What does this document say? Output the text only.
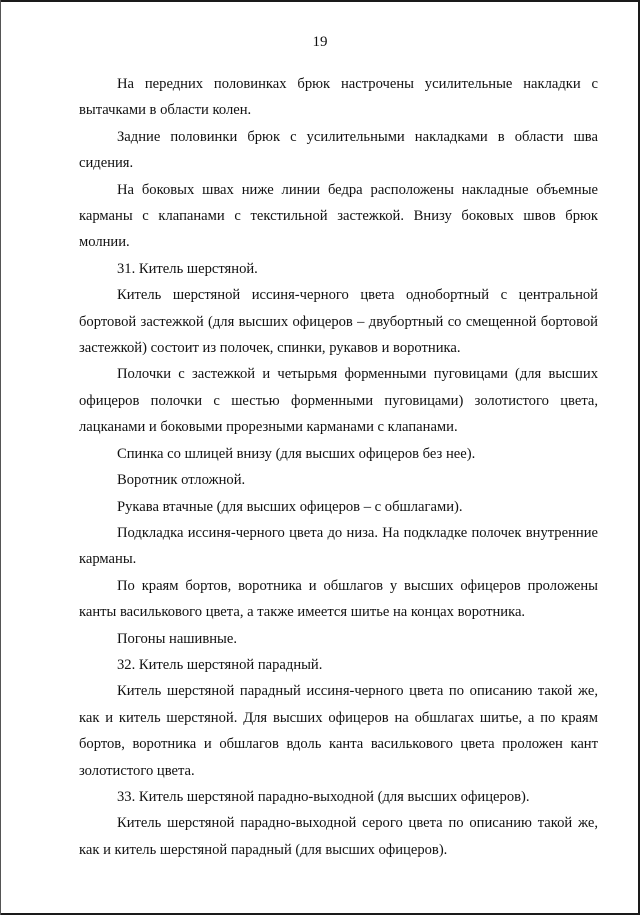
19

На передних половинках брюк настрочены усилительные накладки с вытачками в области колен.

Задние половинки брюк с усилительными накладками в области шва сидения.

На боковых швах ниже линии бедра расположены накладные объемные карманы с клапанами с текстильной застежкой. Внизу боковых швов брюк молнии.

31. Китель шерстяной.

Китель шерстяной иссиня-черного цвета однобортный с центральной бортовой застежкой (для высших офицеров – двубортный со смещенной бортовой застежкой) состоит из полочек, спинки, рукавов и воротника.

Полочки с застежкой и четырьмя форменными пуговицами (для высших офицеров полочки с шестью форменными пуговицами) золотистого цвета, лацканами и боковыми прорезными карманами с клапанами.

Спинка со шлицей внизу (для высших офицеров без нее).

Воротник отложной.

Рукава втачные (для высших офицеров – с обшлагами).

Подкладка иссиня-черного цвета до низа. На подкладке полочек внутренние карманы.

По краям бортов, воротника и обшлагов у высших офицеров проложены канты василькового цвета, а также имеется шитье на концах воротника.

Погоны нашивные.

32. Китель шерстяной парадный.

Китель шерстяной парадный иссиня-черного цвета по описанию такой же, как и китель шерстяной. Для высших офицеров на обшлагах шитье, а по краям бортов, воротника и обшлагов вдоль канта василькового цвета проложен кант золотистого цвета.

33. Китель шерстяной парадно-выходной (для высших офицеров).

Китель шерстяной парадно-выходной серого цвета по описанию такой же, как и китель шерстяной парадный (для высших офицеров).
